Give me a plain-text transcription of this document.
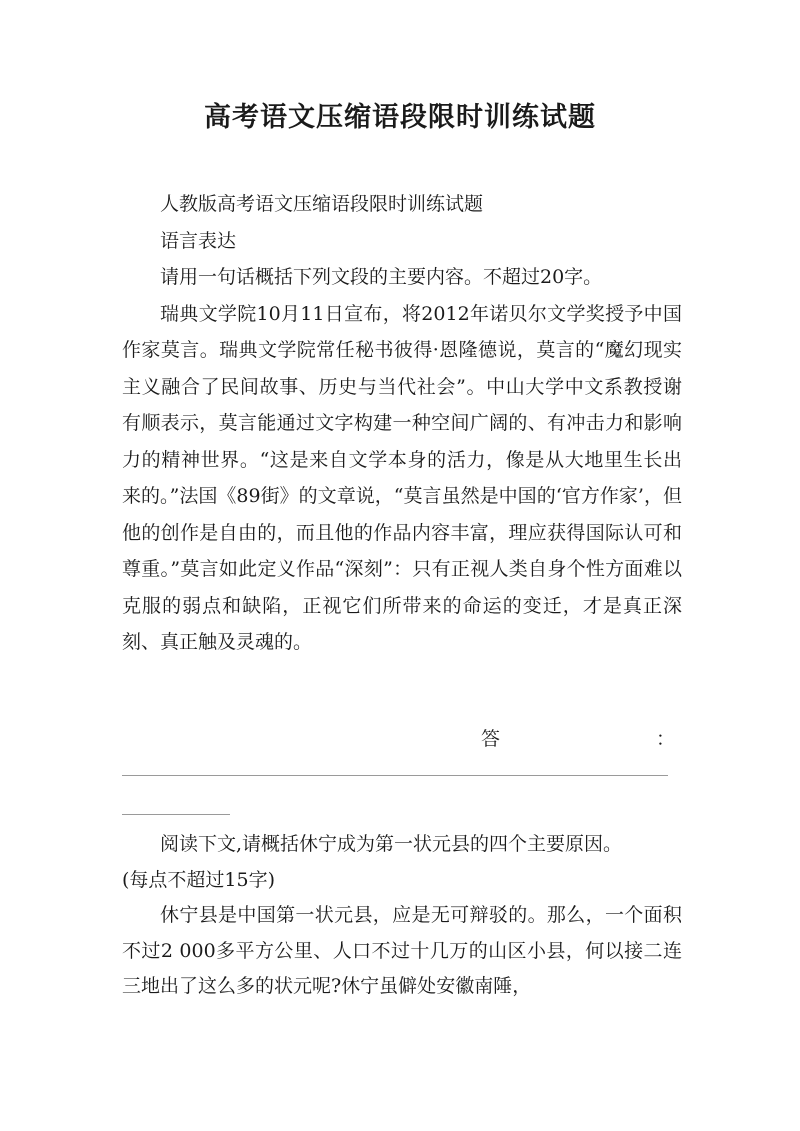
高考语文压缩语段限时训练试题

人教版高考语文压缩语段限时训练试题

语言表达

请用一句话概括下列文段的主要内容。不超过20字。

瑞典文学院10月11日宣布，将2012年诺贝尔文学奖授予中国作家莫言。瑞典文学院常任秘书彼得·恩隆德说，莫言的“魔幻现实主义融合了民间故事、历史与当代社会”。中山大学中文系教授谢有顺表示，莫言能通过文字构建一种空间广阔的、有冲击力和影响力的精神世界。“这是来自文学本身的活力，像是从大地里生长出来的。”法国《89街》的文章说，“莫言虽然是中国的‘官方作家’，但他的创作是自由的，而且他的作品内容丰富，理应获得国际认可和尊重。”莫言如此定义作品“深刻”：只有正视人类自身个性方面难以克服的弱点和缺陷，正视它们所带来的命运的变迁，才是真正深刻、真正触及灵魂的。

答	：

阅读下文,请概括休宁成为第一状元县的四个主要原因。

(每点不超过15字)

休宁县是中国第一状元县，应是无可辩驳的。那么，一个面积不过2 000多平方公里、人口不过十几万的山区小县，何以接二连三地出了这么多的状元呢?休宁虽僻处安徽南陲，
